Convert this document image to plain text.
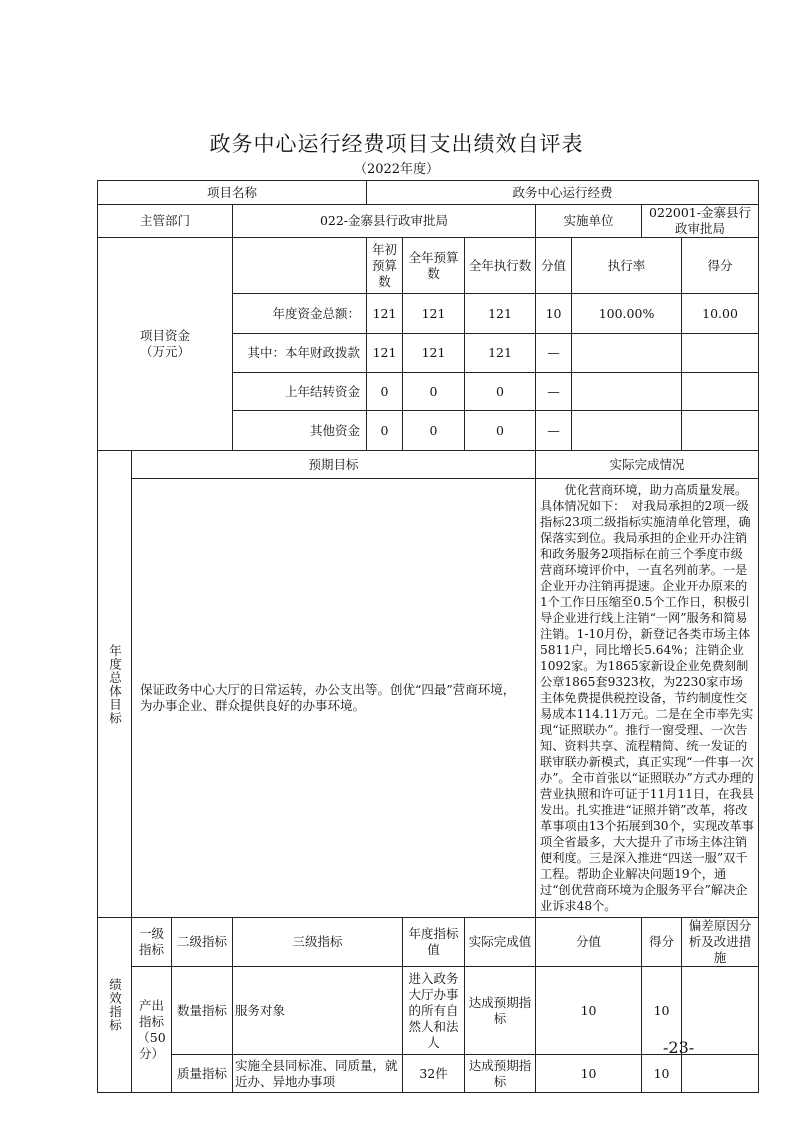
政务中心运行经费项目支出绩效自评表
（2022年度）
项目名称				政务中心运行经费						
主管部门			022-金寨县行政审批局				实施单位		022001-金寨县行政审批局	

项目资金
（万元）				年初预算数	全年预算数	全年执行数	分值	执行率		得分
			年度资金总额：	121	121	121	10	100.00%		10.00
			其中：本年财政拨款	121	121	121	—			
			上年结转资金	0	0	0	—			
			其他资金	0	0	0	—			

年度总体目标	预期目标						实际完成情况			
	保证政务中心大厅的日常运转，办公支出等。创优“四最”营商环境，为办事企业、群众提供良好的办事环境。						优化营商环境，助力高质量发展。具体情况如下：　对我局承担的2项一级指标23项二级指标实施清单化管理，确保落实到位。我局承担的企业开办注销和政务服务2项指标在前三个季度市级营商环境评价中，一直名列前茅。一是企业开办注销再提速。企业开办原来的1个工作日压缩至0.5个工作日，积极引导企业进行线上注销“一网”服务和简易注销。1-10月份，新登记各类市场主体5811户，同比增长5.64%；注销企业1092家。为1865家新设企业免费刻制公章1865套9323枚，为2230家市场主体免费提供税控设备，节约制度性交易成本114.11万元。二是在全市率先实现“证照联办”。推行一窗受理、一次告知、资料共享、流程精简、统一发证的联审联办新模式，真正实现“一件事一次办”。全市首张以“证照联办”方式办理的营业执照和许可证于11月11日，在我县发出。扎实推进“证照并销”改革，将改革事项由13个拓展到30个，实现改革事项全省最多，大大提升了市场主体注销便利度。三是深入推进“四送一服”双千工程。帮助企业解决问题19个，通过“创优营商环境为企服务平台”解决企业诉求48个。			

绩效指标	一级指标	二级指标	三级指标		年度指标值	实际完成值	分值		得分	偏差原因分析及改进措施
	产出指标（50分）	数量指标	服务对象		进入政务大厅办事的所有自然人和法人	达成预期指标	10		10	
		质量指标	实施全县同标准、同质量，就近办、异地办事项		32件	达成预期指标	10		10	
-23-
